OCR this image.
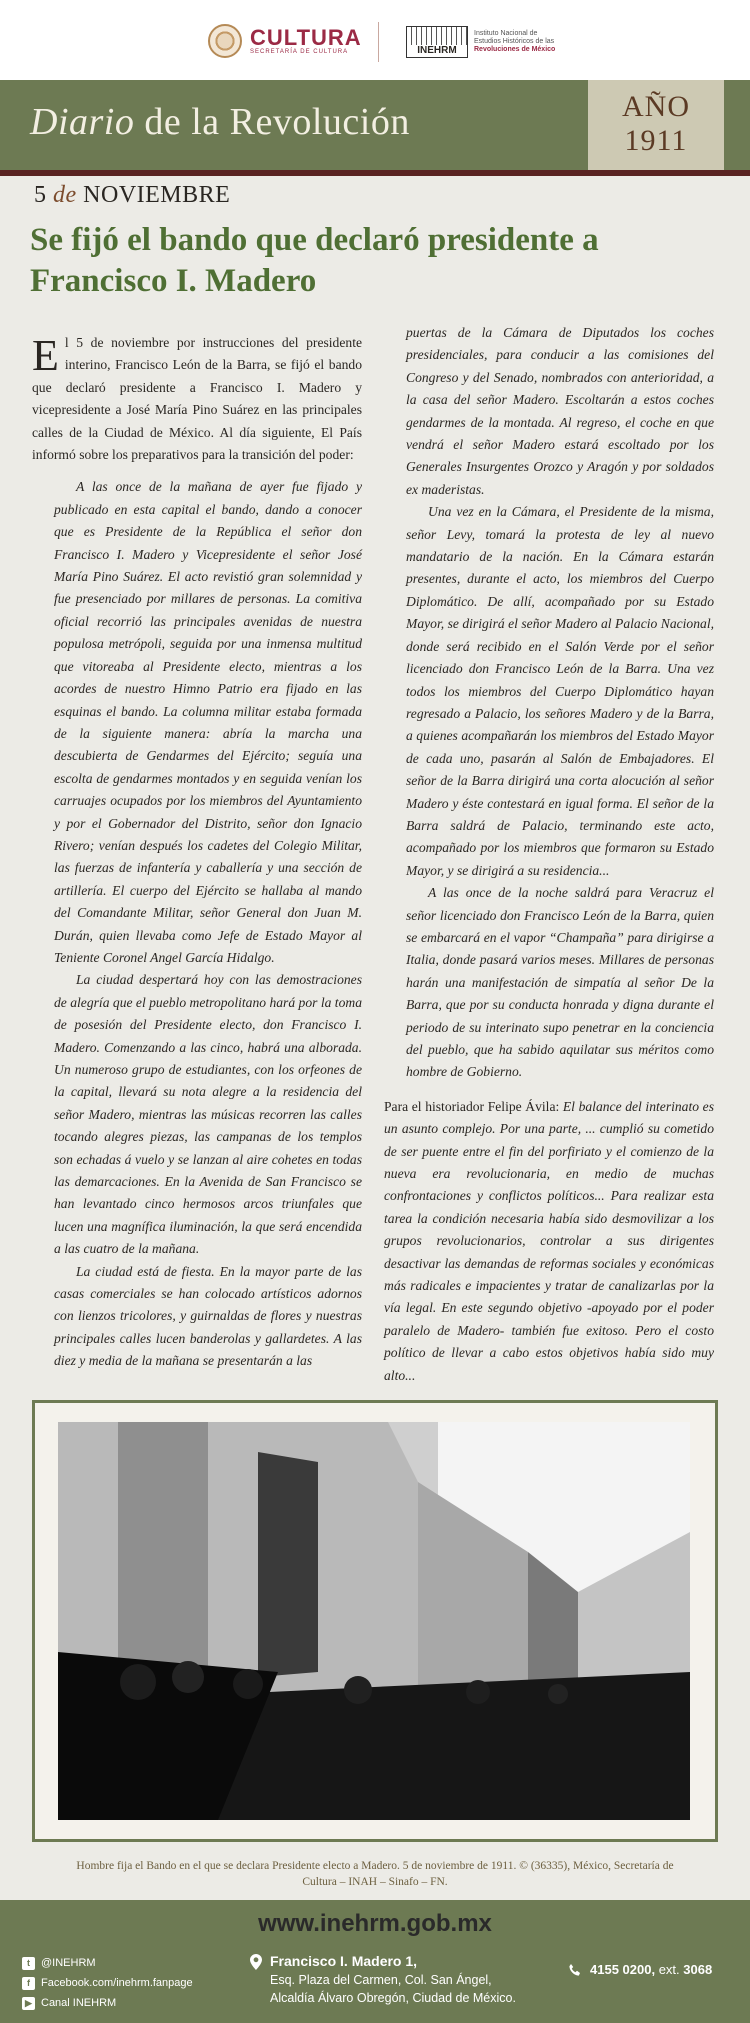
CULTURA
SECRETARÍA DE CULTURA	INEHRM
Instituto Nacional de
Estudios Históricos de las
Revoluciones de México
Diario de la Revolución	AÑO
1911
5 de NOVIEMBRE
Se fijó el bando que declaró presidente a Francisco I. Madero

El 5 de noviembre por instrucciones del presidente interino, Francisco León de la Barra, se fijó el bando que declaró presidente a Francisco I. Madero y vicepresidente a José María Pino Suárez en las principales calles de la Ciudad de México. Al día siguiente, El País informó sobre los preparativos para la transición del poder:

A las once de la mañana de ayer fue fijado y publicado en esta capital el bando, dando a conocer que es Presidente de la República el señor don Francisco I. Madero y Vicepresidente el señor José María Pino Suárez. El acto revistió gran solemnidad y fue presenciado por millares de personas. La comitiva oficial recorrió las principales avenidas de nuestra populosa metrópoli, seguida por una inmensa multitud que vitoreaba al Presidente electo, mientras a los acordes de nuestro Himno Patrio era fijado en las esquinas el bando. La columna militar estaba formada de la siguiente manera: abría la marcha una descubierta de Gendarmes del Ejército; seguía una escolta de gendarmes montados y en seguida venían los carruajes ocupados por los miembros del Ayuntamiento y por el Gobernador del Distrito, señor don Ignacio Rivero; venían después los cadetes del Colegio Militar, las fuerzas de infantería y caballería y una sección de artillería. El cuerpo del Ejército se hallaba al mando del Comandante Militar, señor General don Juan M. Durán, quien llevaba como Jefe de Estado Mayor al Teniente Coronel Angel García Hidalgo.

La ciudad despertará hoy con las demostraciones de alegría que el pueblo metropolitano hará por la toma de posesión del Presidente electo, don Francisco I. Madero. Comenzando a las cinco, habrá una alborada. Un numeroso grupo de estudiantes, con los orfeones de la capital, llevará su nota alegre a la residencia del señor Madero, mientras las músicas recorren las calles tocando alegres piezas, las campanas de los templos son echadas á vuelo y se lanzan al aire cohetes en todas las demarcaciones. En la Avenida de San Francisco se han levantado cinco hermosos arcos triunfales que lucen una magnífica iluminación, la que será encendida a las cuatro de la mañana.

La ciudad está de fiesta. En la mayor parte de las casas comerciales se han colocado artísticos adornos con lienzos tricolores, y guirnaldas de flores y nuestras principales calles lucen banderolas y gallardetes. A las diez y media de la mañana se presentarán a las

puertas de la Cámara de Diputados los coches presidenciales, para conducir a las comisiones del Congreso y del Senado, nombrados con anterioridad, a la casa del señor Madero. Escoltarán a estos coches gendarmes de la montada. Al regreso, el coche en que vendrá el señor Madero estará escoltado por los Generales Insurgentes Orozco y Aragón y por soldados ex maderistas.

Una vez en la Cámara, el Presidente de la misma, señor Levy, tomará la protesta de ley al nuevo mandatario de la nación. En la Cámara estarán presentes, durante el acto, los miembros del Cuerpo Diplomático. De allí, acompañado por su Estado Mayor, se dirigirá el señor Madero al Palacio Nacional, donde será recibido en el Salón Verde por el señor licenciado don Francisco León de la Barra. Una vez todos los miembros del Cuerpo Diplomático hayan regresado a Palacio, los señores Madero y de la Barra, a quienes acompañarán los miembros del Estado Mayor de cada uno, pasarán al Salón de Embajadores. El señor de la Barra dirigirá una corta alocución al señor Madero y éste contestará en igual forma. El señor de la Barra saldrá de Palacio, terminando este acto, acompañado por los miembros que formaron su Estado Mayor, y se dirigirá a su residencia...

A las once de la noche saldrá para Veracruz el señor licenciado don Francisco León de la Barra, quien se embarcará en el vapor “Champaña” para dirigirse a Italia, donde pasará varios meses. Millares de personas harán una manifestación de simpatía al señor De la Barra, que por su conducta honrada y digna durante el periodo de su interinato supo penetrar en la conciencia del pueblo, que ha sabido aquilatar sus méritos como hombre de Gobierno.

Para el historiador Felipe Ávila: El balance del interinato es un asunto complejo. Por una parte, ... cumplió su cometido de ser puente entre el fin del porfiriato y el comienzo de la nueva era revolucionaria, en medio de muchas confrontaciones y conflictos políticos... Para realizar esta tarea la condición necesaria había sido desmovilizar a los grupos revolucionarios, controlar a sus dirigentes desactivar las demandas de reformas sociales y económicas más radicales e impacientes y tratar de canalizarlas por la vía legal. En este segundo objetivo -apoyado por el poder paralelo de Madero- también fue exitoso. Pero el costo político de llevar a cabo estos objetivos había sido muy alto...

Hombre fija el Bando en el que se declara Presidente electo a Madero. 5 de noviembre de 1911. © (36335), México, Secretaría de Cultura – INAH – Sinafo – FN.

www.inehrm.gob.mx
t	@INEHRM
f	Facebook.com/inehrm.fanpage
▶ Canal INEHRM
Francisco I. Madero 1,
Esq. Plaza del Carmen, Col. San Ángel,
Alcaldía Álvaro Obregón, Ciudad de México.
4155 0200, ext. 3068
